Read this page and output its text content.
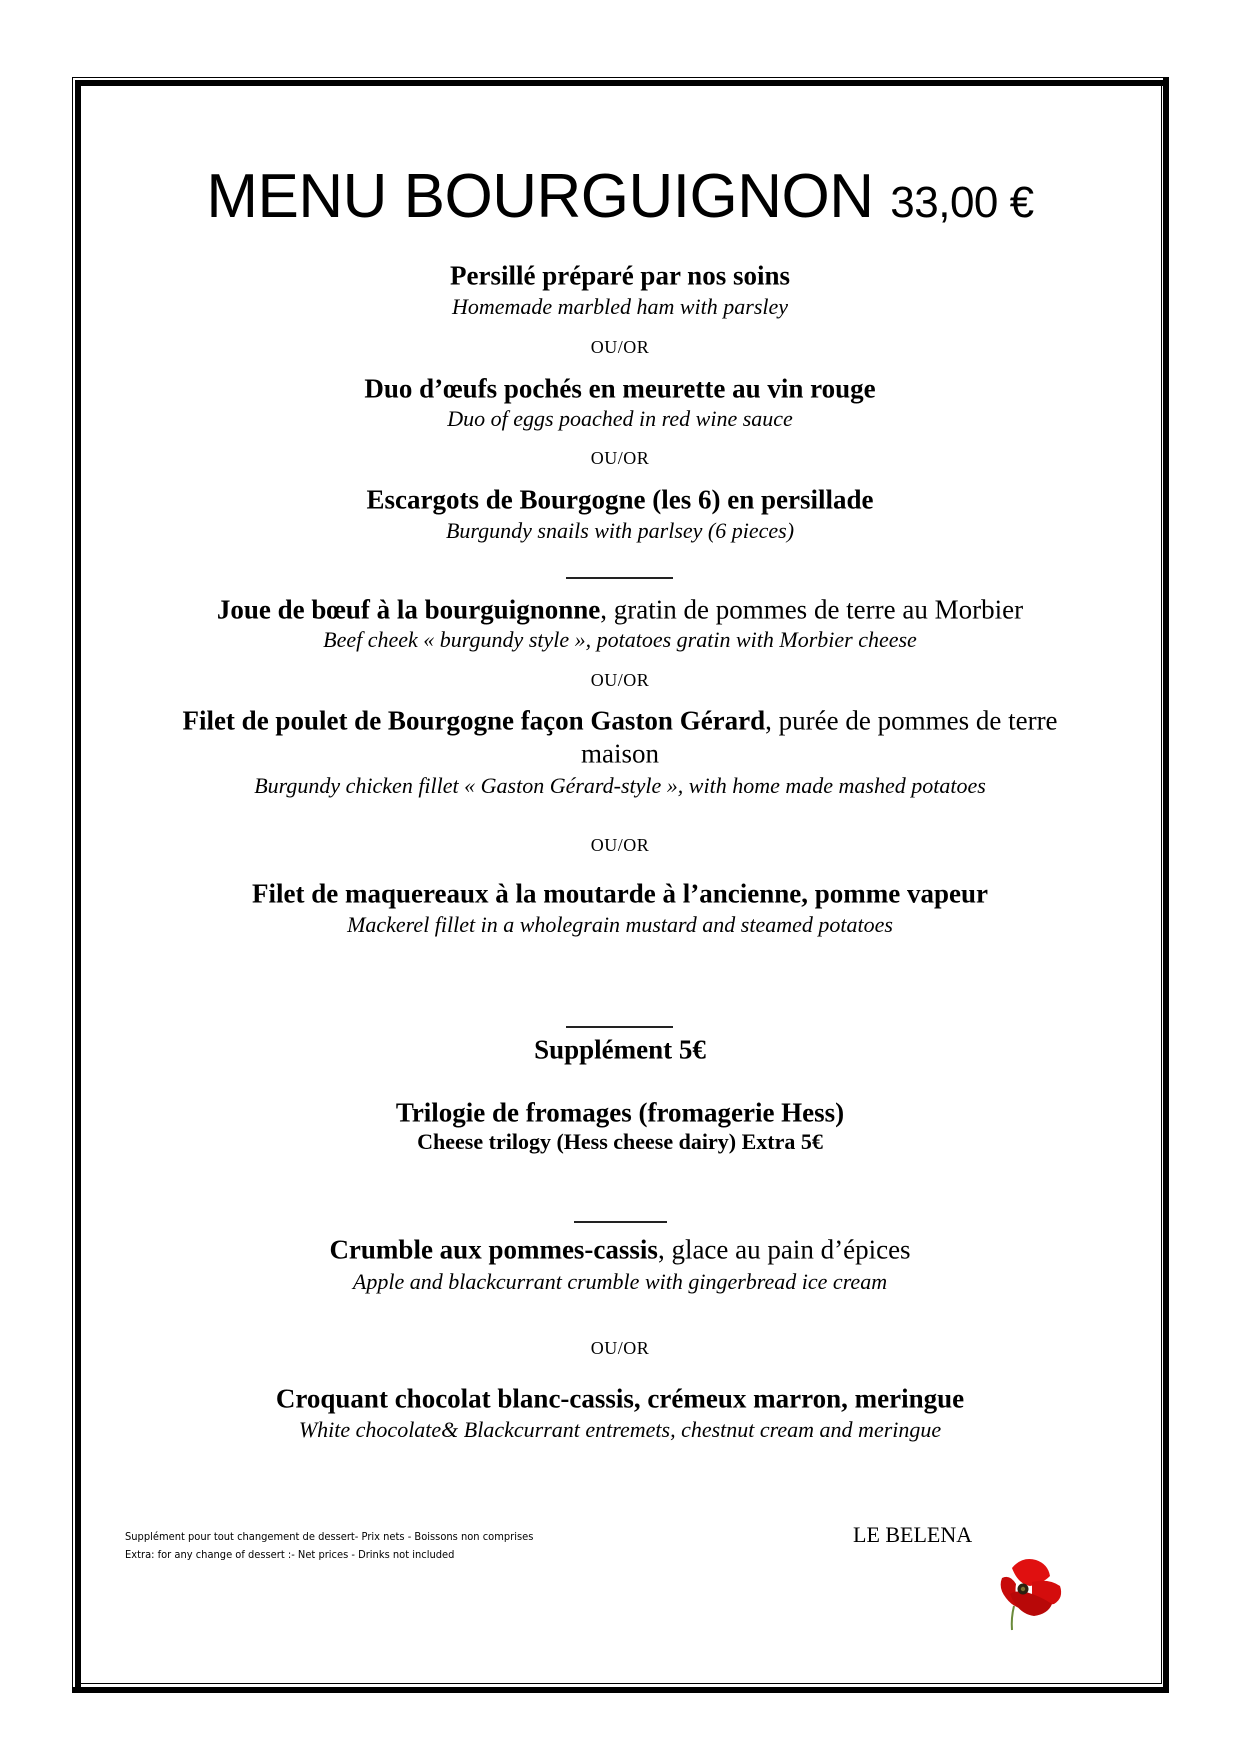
MENU BOURGUIGNON 33,00 €
Persillé préparé par nos soins
Homemade marbled ham with parsley
OU/OR
Duo d’œufs pochés en meurette au vin rouge
Duo of eggs poached in red wine sauce
OU/OR
Escargots de Bourgogne (les 6) en persillade
Burgundy snails with parlsey (6 pieces)
Joue de bœuf à la bourguignonne, gratin de pommes de terre au Morbier
Beef cheek « burgundy style », potatoes gratin with Morbier cheese
OU/OR
Filet de poulet de Bourgogne façon Gaston Gérard, purée de pommes de terre
maison
Burgundy chicken fillet « Gaston Gérard-style », with home made mashed potatoes
OU/OR
Filet de maquereaux à la moutarde à l’ancienne, pomme vapeur
Mackerel fillet in a wholegrain mustard and steamed potatoes
Supplément 5€
Trilogie de fromages (fromagerie Hess)
Cheese trilogy (Hess cheese dairy) Extra 5€
Crumble aux pommes-cassis, glace au pain d’épices
Apple and blackcurrant crumble with gingerbread ice cream
OU/OR
Croquant chocolat blanc-cassis, crémeux marron, meringue
White chocolate& Blackcurrant entremets, chestnut cream and meringue
Supplément pour tout changement de dessert- Prix nets - Boissons non comprises
Extra: for any change of dessert :- Net prices - Drinks not included
LE BELENA
